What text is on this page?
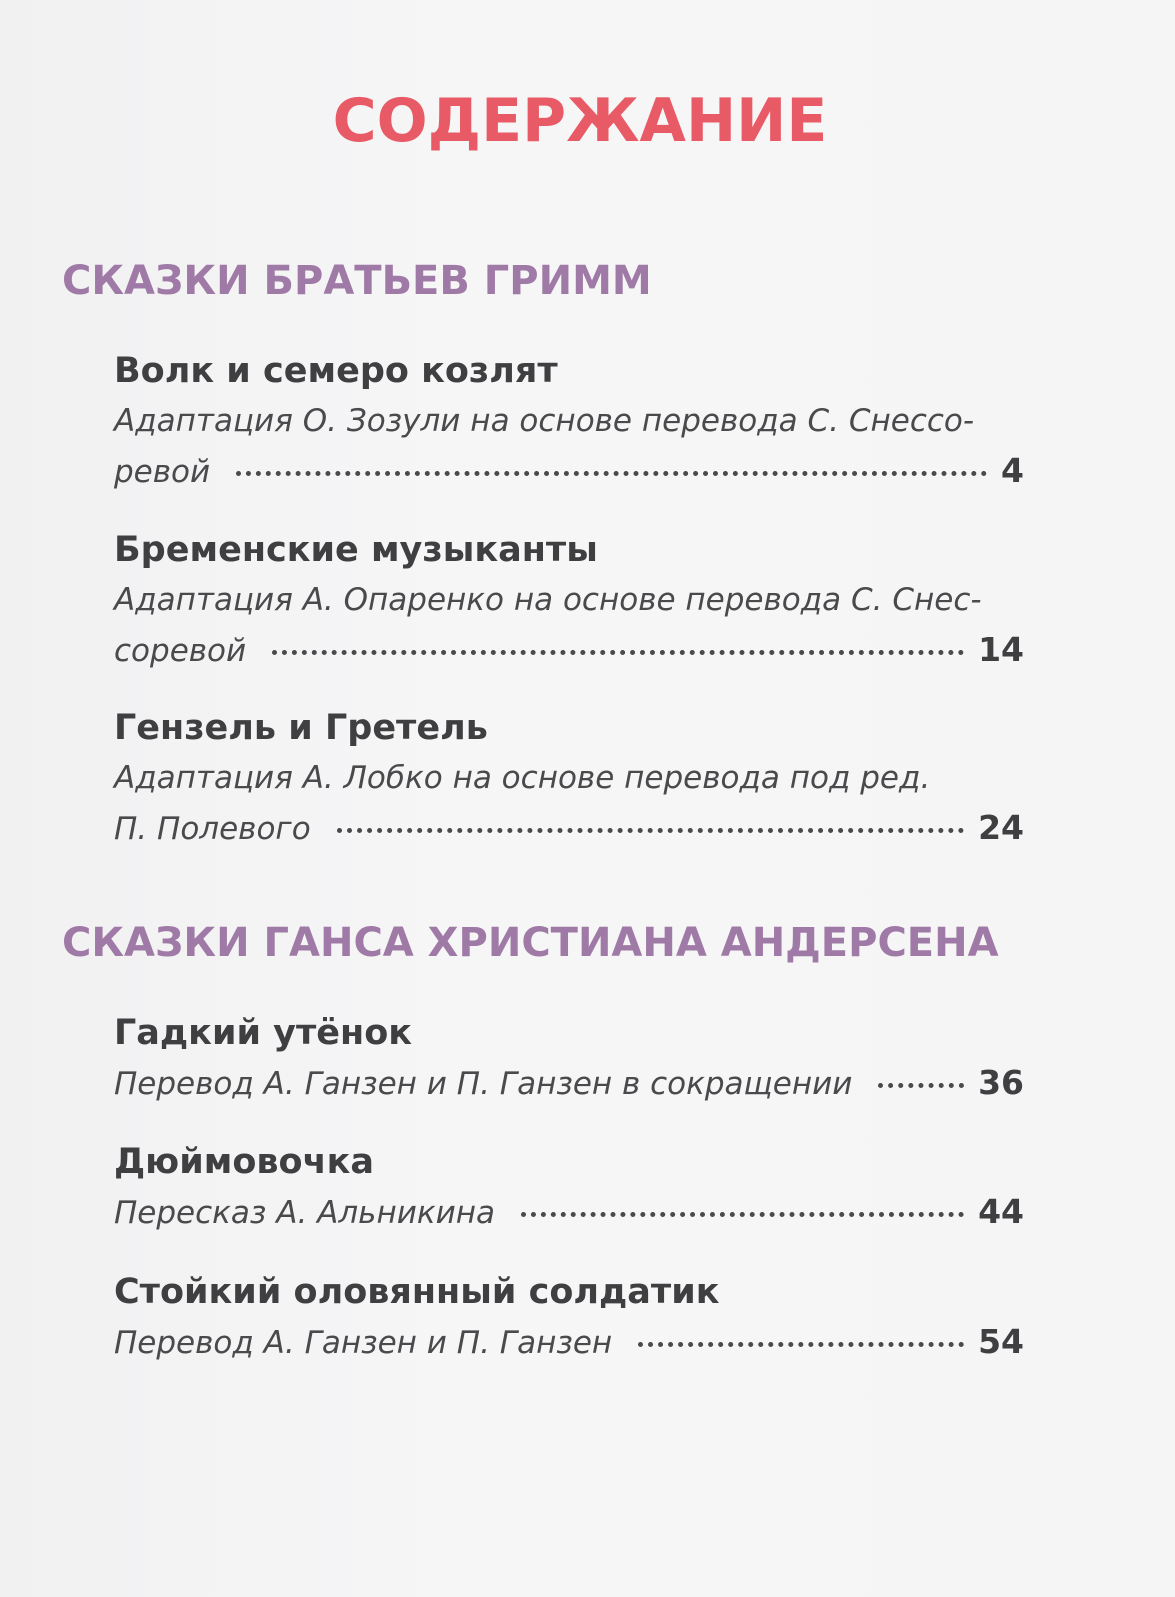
СОДЕРЖАНИЕ
СКАЗКИ БРАТЬЕВ ГРИММ
Волк и семеро козлят
Адаптация О. Зозули на основе перевода С. Снессо-
ревой	4
Бременские музыканты
Адаптация А. Опаренко на основе перевода С. Снес-
соревой	14
Гензель и Гретель
Адаптация А. Лобко на основе перевода под ред.
П. Полевого	24
СКАЗКИ ГАНСА ХРИСТИАНА АНДЕРСЕНА
Гадкий утёнок
Перевод А. Ганзен и П. Ганзен в сокращении	36
Дюймовочка
Пересказ А. Альникина	44
Стойкий оловянный солдатик
Перевод А. Ганзен и П. Ганзен	54
